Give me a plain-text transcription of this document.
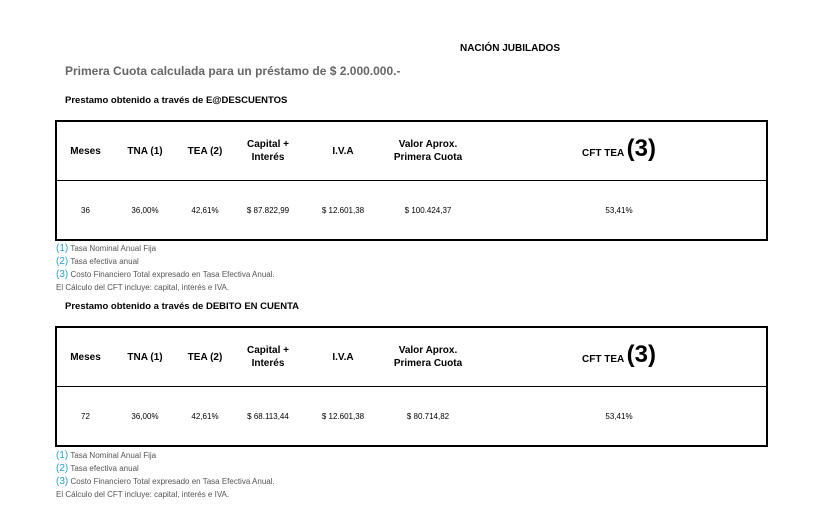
NACIÓN JUBILADOS
Primera Cuota calculada para un préstamo de $ 2.000.000.-
Prestamo obtenido a través de E@DESCUENTOS
Meses	TNA (1)	TEA (2)	Capital + Interés	I.V.A	Valor Aprox. Primera Cuota	CFT TEA (3)
36	36,00%	42,61%	$ 87.822,99	$ 12.601,38	$ 100.424,37	53,41%
(1) Tasa Nominal Anual Fija
(2) Tasa efectiva anual
(3) Costo Financiero Total expresado en Tasa Efectiva Anual.
El Cálculo del CFT incluye: capital, interés e IVA.
Prestamo obtenido a través de DEBITO EN CUENTA
Meses	TNA (1)	TEA (2)	Capital + Interés	I.V.A	Valor Aprox. Primera Cuota	CFT TEA (3)
72	36,00%	42,61%	$ 68.113,44	$ 12.601,38	$ 80.714,82	53,41%
(1) Tasa Nominal Anual Fija
(2) Tasa efectiva anual
(3) Costo Financiero Total expresado en Tasa Efectiva Anual.
El Cálculo del CFT incluye: capital, interés e IVA.
